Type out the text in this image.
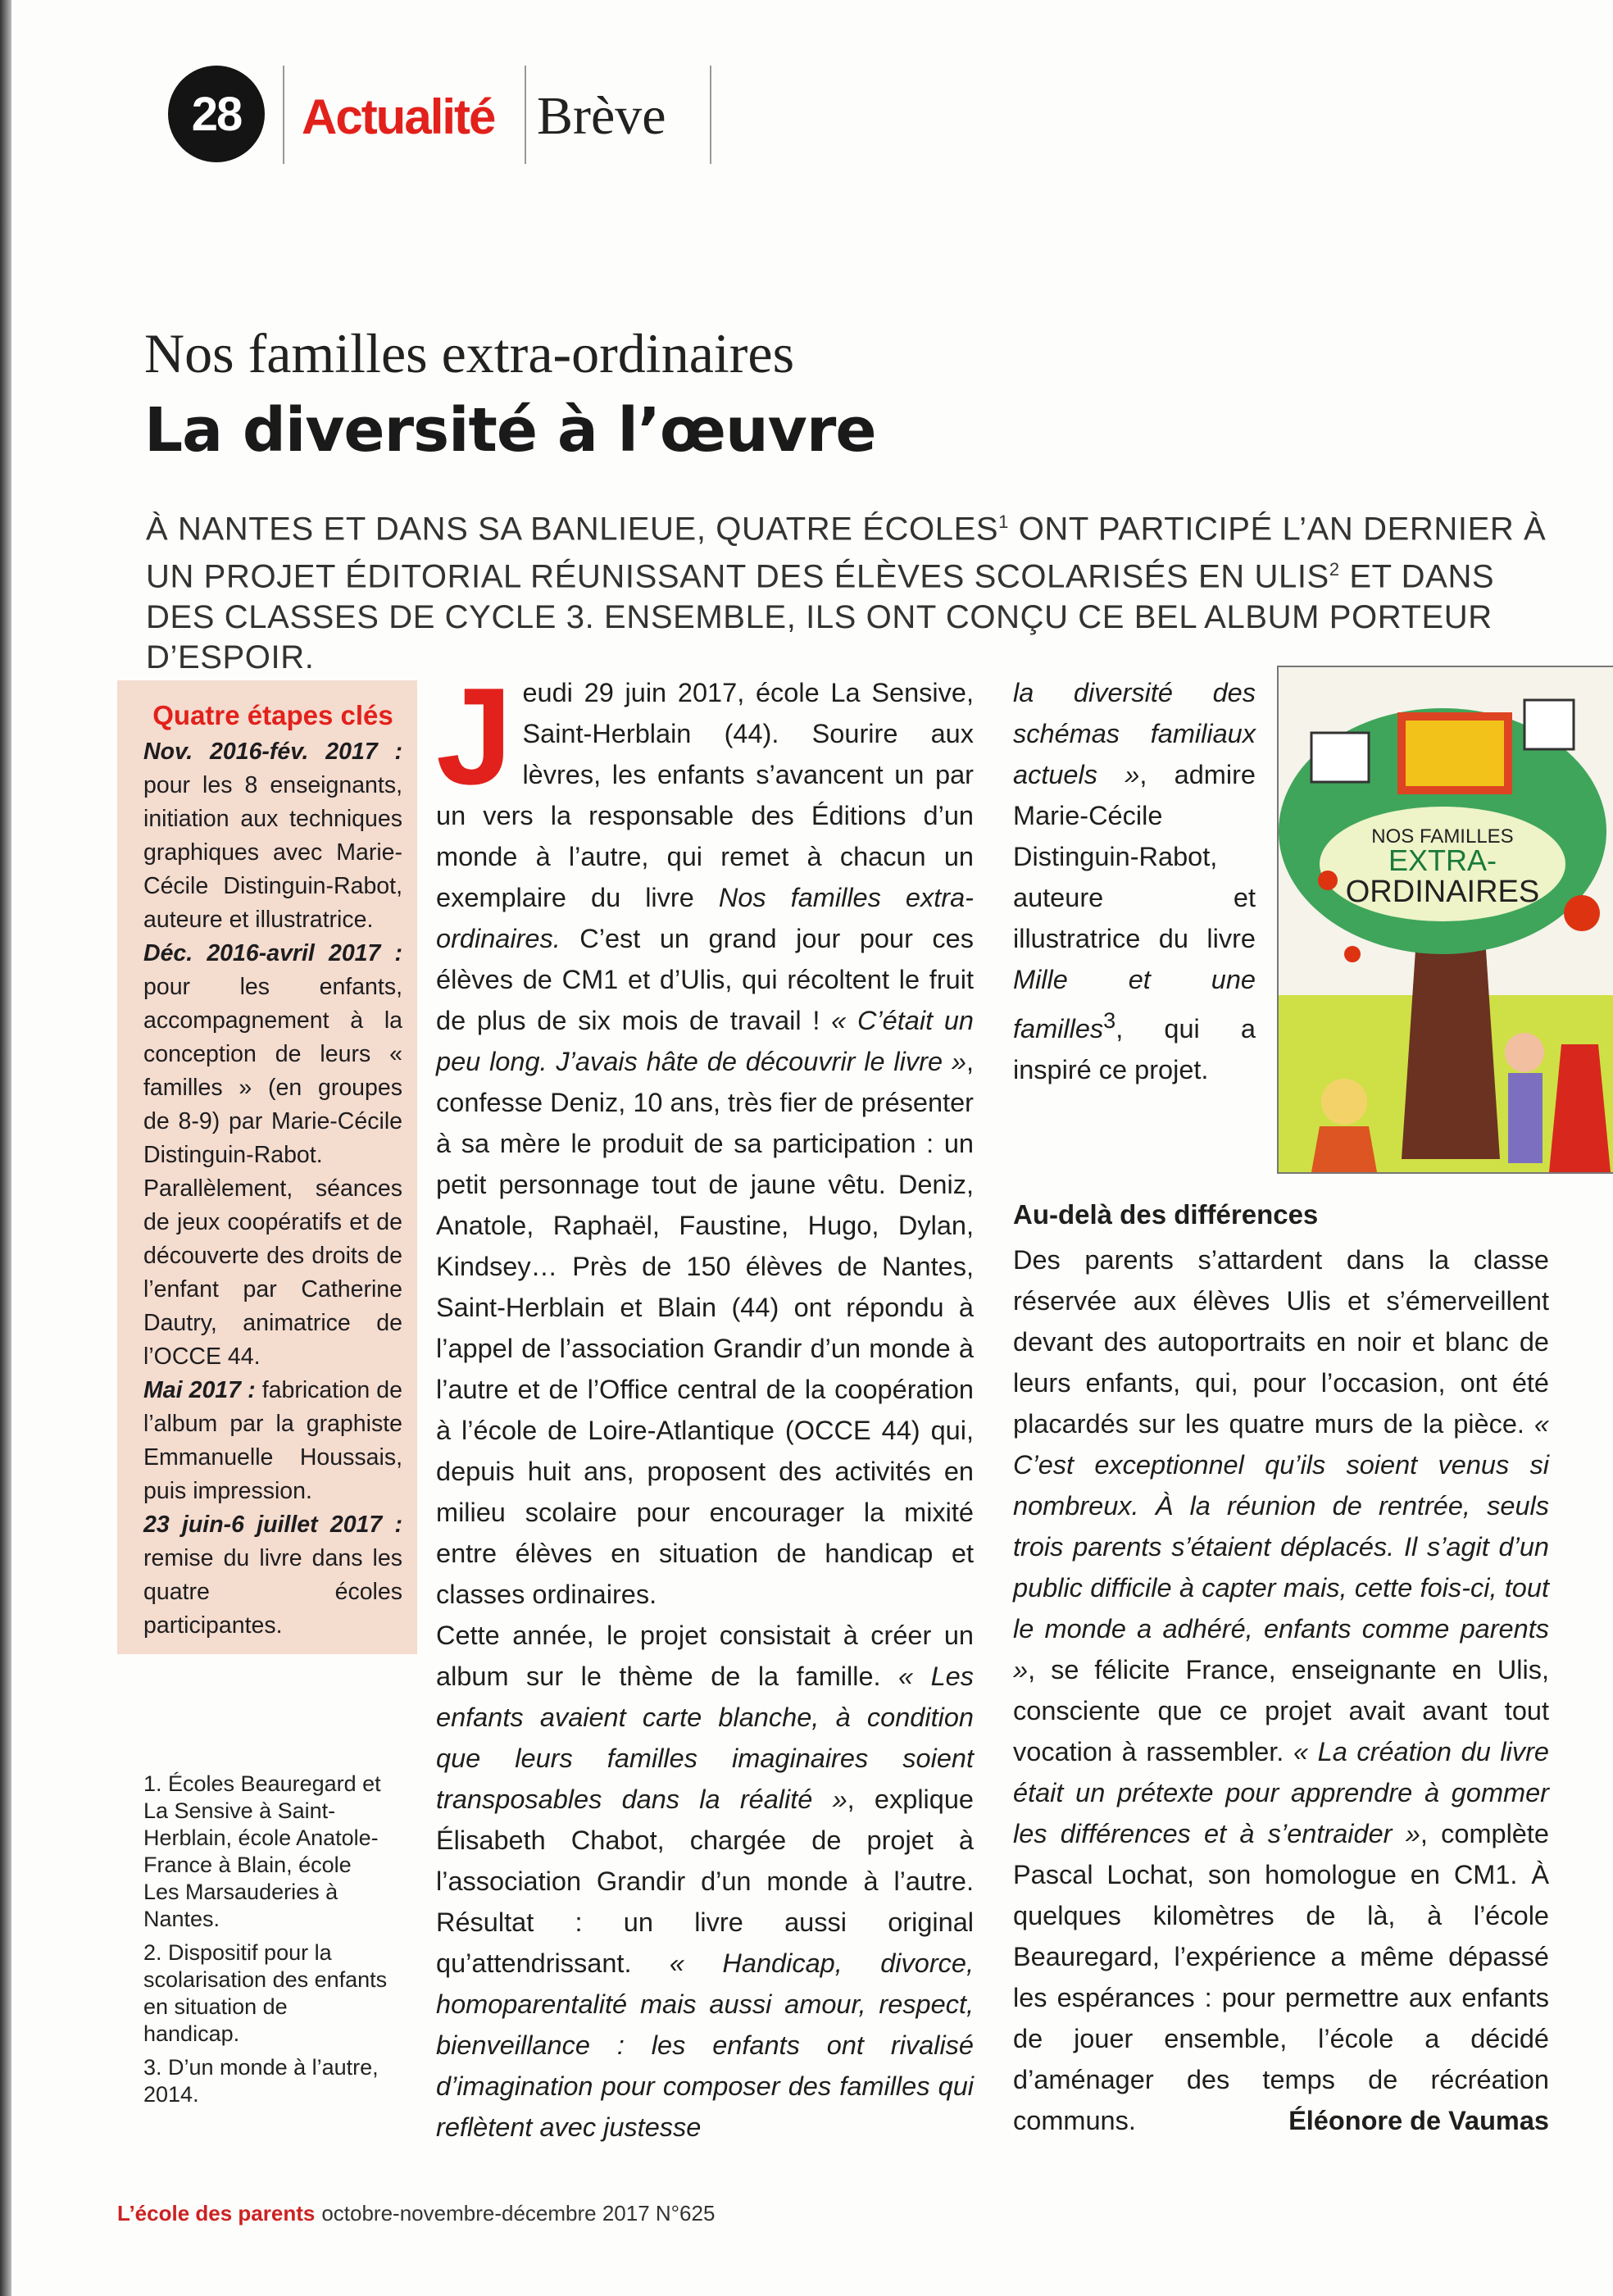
28	Actualité Brève
Nos familles extra-ordinaires
La diversité à l’œuvre
À NANTES ET DANS SA BANLIEUE, QUATRE ÉCOLES$^1$ ONT PARTICIPÉ L’AN DERNIER À UN PROJET ÉDITORIAL RÉUNISSANT DES ÉLÈVES SCOLARISÉS EN ULIS$^2$ ET DANS DES CLASSES DE CYCLE 3. ENSEMBLE, ILS ONT CONÇU CE BEL ALBUM PORTEUR D’ESPOIR.
Quatre étapes clés
Nov. 2016-fév. 2017 : pour les 8 enseignants, initiation aux techniques graphiques avec Marie-Cécile Distinguin-Rabot, auteure et illustratrice.
Déc. 2016-avril 2017 : pour les enfants, accompagnement à la conception de leurs « familles » (en groupes de 8-9) par Marie-Cécile Distinguin-Rabot. Parallèlement, séances de jeux coopératifs et de découverte des droits de l’enfant par Catherine Dautry, animatrice de l’OCCE 44.
Mai 2017 : fabrication de l’album par la graphiste Emmanuelle Houssais, puis impression.
23 juin-6 juillet 2017 : remise du livre dans les quatre écoles participantes.

1. Écoles Beauregard et La Sensive à Saint-Herblain, école Anatole-France à Blain, école Les Marsauderies à Nantes.

2. Dispositif pour la scolarisation des enfants en situation de handicap.

3. D’un monde à l’autre, 2014.

J eudi 29 juin 2017, école La Sensive, Saint-Herblain (44). Sourire aux lèvres, les enfants s’avancent un par un vers la responsable des Éditions d’un monde à l’autre, qui remet à chacun un exemplaire du livre Nos familles extra-ordinaires. C’est un grand jour pour ces élèves de CM1 et d’Ulis, qui récoltent le fruit de plus de six mois de travail ! « C’était un peu long. J’avais hâte de découvrir le livre », confesse Deniz, 10 ans, très fier de présenter à sa mère le produit de sa participation : un petit personnage tout de jaune vêtu. Deniz, Anatole, Raphaël, Faustine, Hugo, Dylan, Kindsey… Près de 150 élèves de Nantes, Saint-Herblain et Blain (44) ont répondu à l’appel de l’association Grandir d’un monde à l’autre et de l’Office central de la coopération à l’école de Loire-Atlantique (OCCE 44) qui, depuis huit ans, proposent des activités en milieu scolaire pour encourager la mixité entre élèves en situation de handicap et classes ordinaires.

Cette année, le projet consistait à créer un album sur le thème de la famille. « Les enfants avaient carte blanche, à condition que leurs familles imaginaires soient transposables dans la réalité », explique Élisabeth Chabot, chargée de projet à l’association Grandir d’un monde à l’autre. Résultat : un livre aussi original qu’attendrissant. « Handicap, divorce, homoparentalité mais aussi amour, respect, bienveillance : les enfants ont rivalisé d’imagination pour composer des familles qui reflètent avec justesse

NOS FAMILLES
EXTRA-
ORDINAIRES

la diversité des schémas familiaux actuels », admire Marie-Cécile Distinguin-Rabot, auteure et illustratrice du livre Mille et une familles$^3$, qui a inspiré ce projet.

Au-delà des différences

Des parents s’attardent dans la classe réservée aux élèves Ulis et s’émerveillent devant des autoportraits en noir et blanc de leurs enfants, qui, pour l’occasion, ont été placardés sur les quatre murs de la pièce. « C’est exceptionnel qu’ils soient venus si nombreux. À la réunion de rentrée, seuls trois parents s’étaient déplacés. Il s’agit d’un public difficile à capter mais, cette fois-ci, tout le monde a adhéré, enfants comme parents », se félicite France, enseignante en Ulis, consciente que ce projet avait avant tout vocation à rassembler. « La création du livre était un prétexte pour apprendre à gommer les différences et à s’entraider », complète Pascal Lochat, son homologue en CM1. À quelques kilomètres de là, à l’école Beauregard, l’expérience a même dépassé les espérances : pour permettre aux enfants de jouer ensemble, l’école a décidé d’aménager des temps de récréation communs.	Éléonore de Vaumas

L’école des parents octobre-novembre-décembre 2017 N°625
